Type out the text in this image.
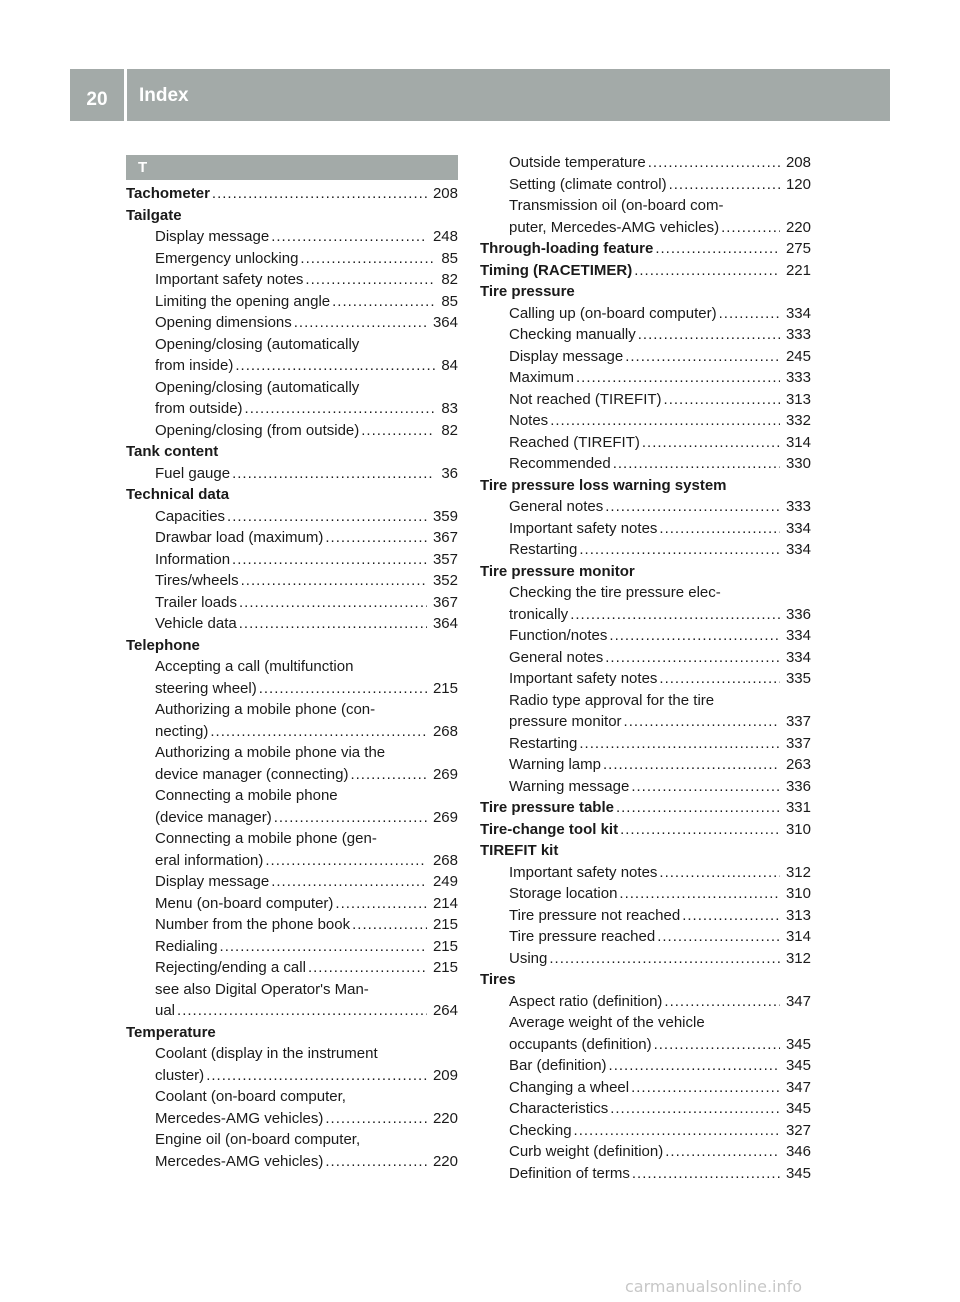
20	Index
T
Tachometer .....	208
Tailgate
Display message .....	248
Emergency unlocking .....	85
Important safety notes .....	82
Limiting the opening angle .....	85
Opening dimensions .....	364
Opening/closing (automatically
from inside) .....	84
Opening/closing (automatically
from outside) .....	83
Opening/closing (from outside) .....	82
Tank content
Fuel gauge .....	36
Technical data
Capacities .....	359
Drawbar load (maximum) .....	367
Information .....	357
Tires/wheels .....	352
Trailer loads .....	367
Vehicle data .....	364
Telephone
Accepting a call (multifunction
steering wheel) .....	215
Authorizing a mobile phone (con-
necting) .....	268
Authorizing a mobile phone via the
device manager (connecting) .....	269
Connecting a mobile phone
(device manager) .....	269
Connecting a mobile phone (gen-
eral information) .....	268
Display message .....	249
Menu (on-board computer) .....	214
Number from the phone book .....	215
Redialing .....	215
Rejecting/ending a call .....	215
see also Digital Operator's Man-
ual .....	264
Temperature
Coolant (display in the instrument
cluster) .....	209
Coolant (on-board computer,
Mercedes-AMG vehicles) .....	220
Engine oil (on-board computer,
Mercedes-AMG vehicles) .....	220
Outside temperature .....	208
Setting (climate control) .....	120
Transmission oil (on-board com-
puter, Mercedes-AMG vehicles) .....	220
Through-loading feature .....	275
Timing (RACETIMER) .....	221
Tire pressure
Calling up (on-board computer) .....	334
Checking manually .....	333
Display message .....	245
Maximum .....	333
Not reached (TIREFIT) .....	313
Notes .....	332
Reached (TIREFIT) .....	314
Recommended .....	330
Tire pressure loss warning system
General notes .....	333
Important safety notes .....	334
Restarting .....	334
Tire pressure monitor
Checking the tire pressure elec-
tronically .....	336
Function/notes .....	334
General notes .....	334
Important safety notes .....	335
Radio type approval for the tire
pressure monitor .....	337
Restarting .....	337
Warning lamp .....	263
Warning message .....	336
Tire pressure table .....	331
Tire-change tool kit .....	310
TIREFIT kit
Important safety notes .....	312
Storage location .....	310
Tire pressure not reached .....	313
Tire pressure reached .....	314
Using .....	312
Tires
Aspect ratio (definition) .....	347
Average weight of the vehicle
occupants (definition) .....	345
Bar (definition) .....	345
Changing a wheel .....	347
Characteristics .....	345
Checking .....	327
Curb weight (definition) .....	346
Definition of terms .....	345
carmanualsonline.info
